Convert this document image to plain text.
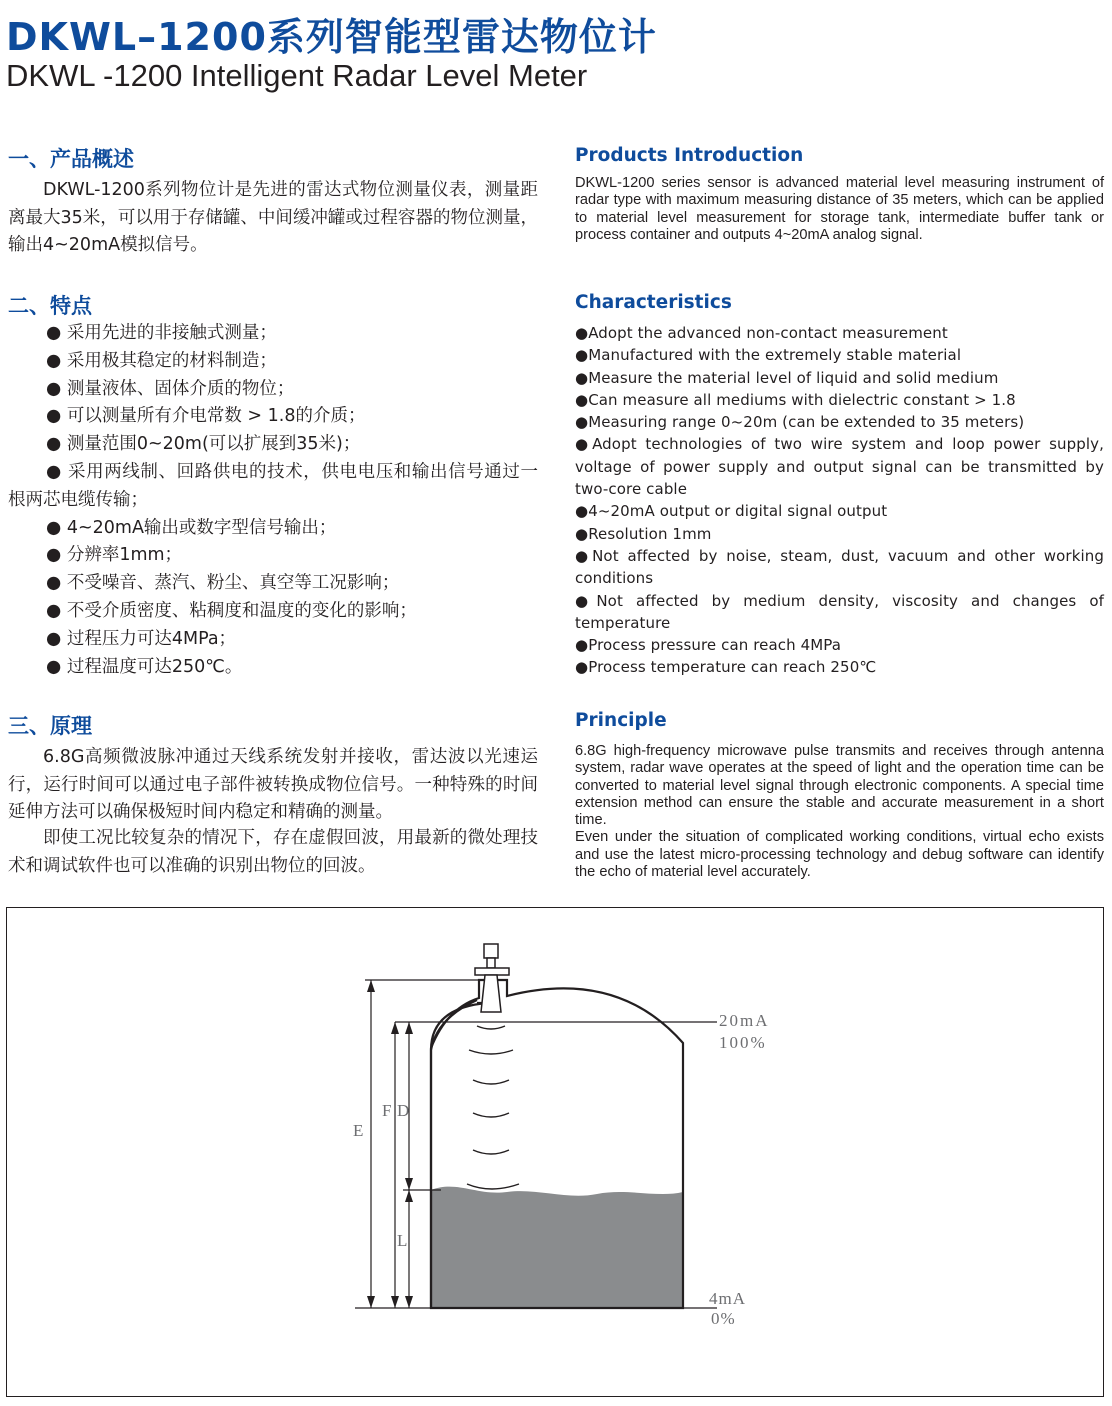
DKWL–1200系列智能型雷达物位计
DKWL -1200 Intelligent Radar Level Meter
一、产品概述

DKWL-1200系列物位计是先进的雷达式物位测量仪表，测量距离最大35米，可以用于存储罐、中间缓冲罐或过程容器的物位测量，输出4~20mA模拟信号。

Products Introduction

DKWL-1200 series sensor is advanced material level measuring instrument of radar type with maximum measuring distance of 35 meters, which can be applied to material level measurement for storage tank, intermediate buffer tank or process container and outputs 4~20mA analog signal.

二、特点
● 采用先进的非接触式测量；
● 采用极其稳定的材料制造；
● 测量液体、固体介质的物位；
● 可以测量所有介电常数 > 1.8的介质；
● 测量范围0~20m(可以扩展到35米)；
● 采用两线制、回路供电的技术，供电电压和输出信号通过一根两芯电缆传输；
● 4~20mA输出或数字型信号输出；
● 分辨率1mm；
● 不受噪音、蒸汽、粉尘、真空等工况影响；
● 不受介质密度、粘稠度和温度的变化的影响；
● 过程压力可达4MPa；
● 过程温度可达250℃。
Characteristics
●Adopt the advanced non-contact measurement
●Manufactured with the extremely stable material
●Measure the material level of liquid and solid medium
●Can measure all mediums with dielectric constant > 1.8
●Measuring range 0~20m (can be extended to 35 meters)
●Adopt technologies of two wire system and loop power supply, voltage of power supply and output signal can be transmitted by two-core cable
●4~20mA output or digital signal output
●Resolution 1mm
●Not affected by noise, steam, dust, vacuum and other working conditions
●Not affected by medium density, viscosity and changes of temperature
●Process pressure can reach 4MPa
●Process temperature can reach 250℃
三、原理

6.8G高频微波脉冲通过天线系统发射并接收，雷达波以光速运行，运行时间可以通过电子部件被转换成物位信号。一种特殊的时间延伸方法可以确保极短时间内稳定和精确的测量。

即使工况比较复杂的情况下，存在虚假回波，用最新的微处理技术和调试软件也可以准确的识别出物位的回波。

Principle
6.8G high-frequency microwave pulse transmits and receives through antenna system, radar wave operates at the speed of light and the operation time can be converted to material level signal through electronic components. A special time extension method can ensure the stable and accurate measurement in a short time.
Even under the situation of complicated working conditions, virtual echo exists and use the latest micro-processing technology and debug software can identify the echo of material level accurately.
E
F D
L
20mA
100%
4mA
0%
